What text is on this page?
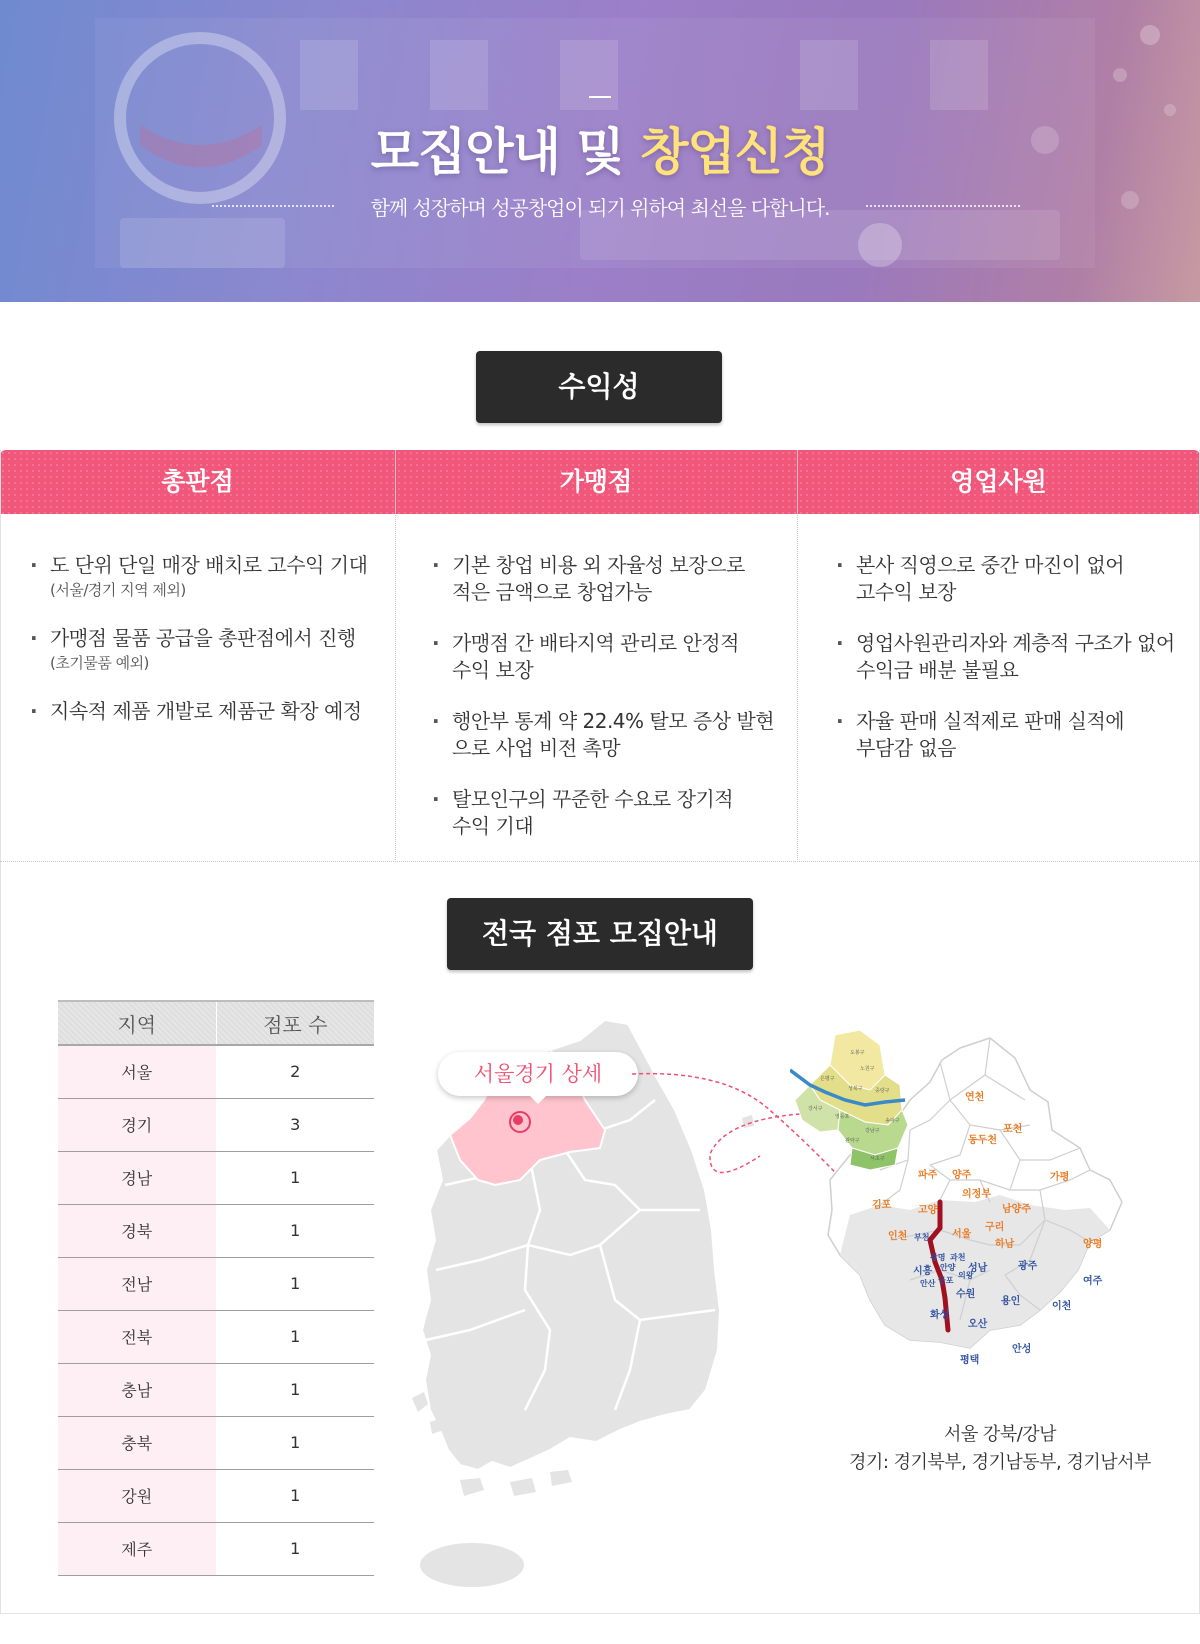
모집안내 및 창업신청
함께 성장하며 성공창업이 되기 위하여 최선을 다합니다.
수익성
총판점	가맹점	영업사원
· 도 단위 단일 매장 배치로 고수익 기대
(서울/경기 지역 제외)
· 가맹점 물품 공급을 총판점에서 진행
(초기물품 예외)
· 지속적 제품 개발로 제품군 확장 예정
· 기본 창업 비용 외 자율성 보장으로
적은 금액으로 창업가능
· 가맹점 간 배타지역 관리로 안정적
수익 보장
· 행안부 통계 약 22.4% 탈모 증상 발현
으로 사업 비전 촉망
· 탈모인구의 꾸준한 수요로 장기적
수익 기대
· 본사 직영으로 중간 마진이 없어
고수익 보장
· 영업사원관리자와 계층적 구조가 없어
수익금 배분 불필요
· 자율 판매 실적제로 판매 실적에
부담감 없음
전국 점포 모집안내
지역	점포 수
서울	2
경기	3
경남	1
경북	1
전남	1
전북	1
충남	1
충북	1
강원	1
제주	1
서울경기 상세
도봉구
노원구
은평구
성북구	중랑구
강서구
영등포
강남구
송파구
관악구
서초구
연천
포천
동두천
파주 양주	가평
의정부
김포	고양	남양주
구리
인천	서울
하남	양평
부천
광명 과천
시흥 안양 성남	광주
여주
안산 군포
의왕
수원
용인	이천
화성
오산
평택
안성
서울 강북/강남
경기: 경기북부, 경기남동부, 경기남서부
